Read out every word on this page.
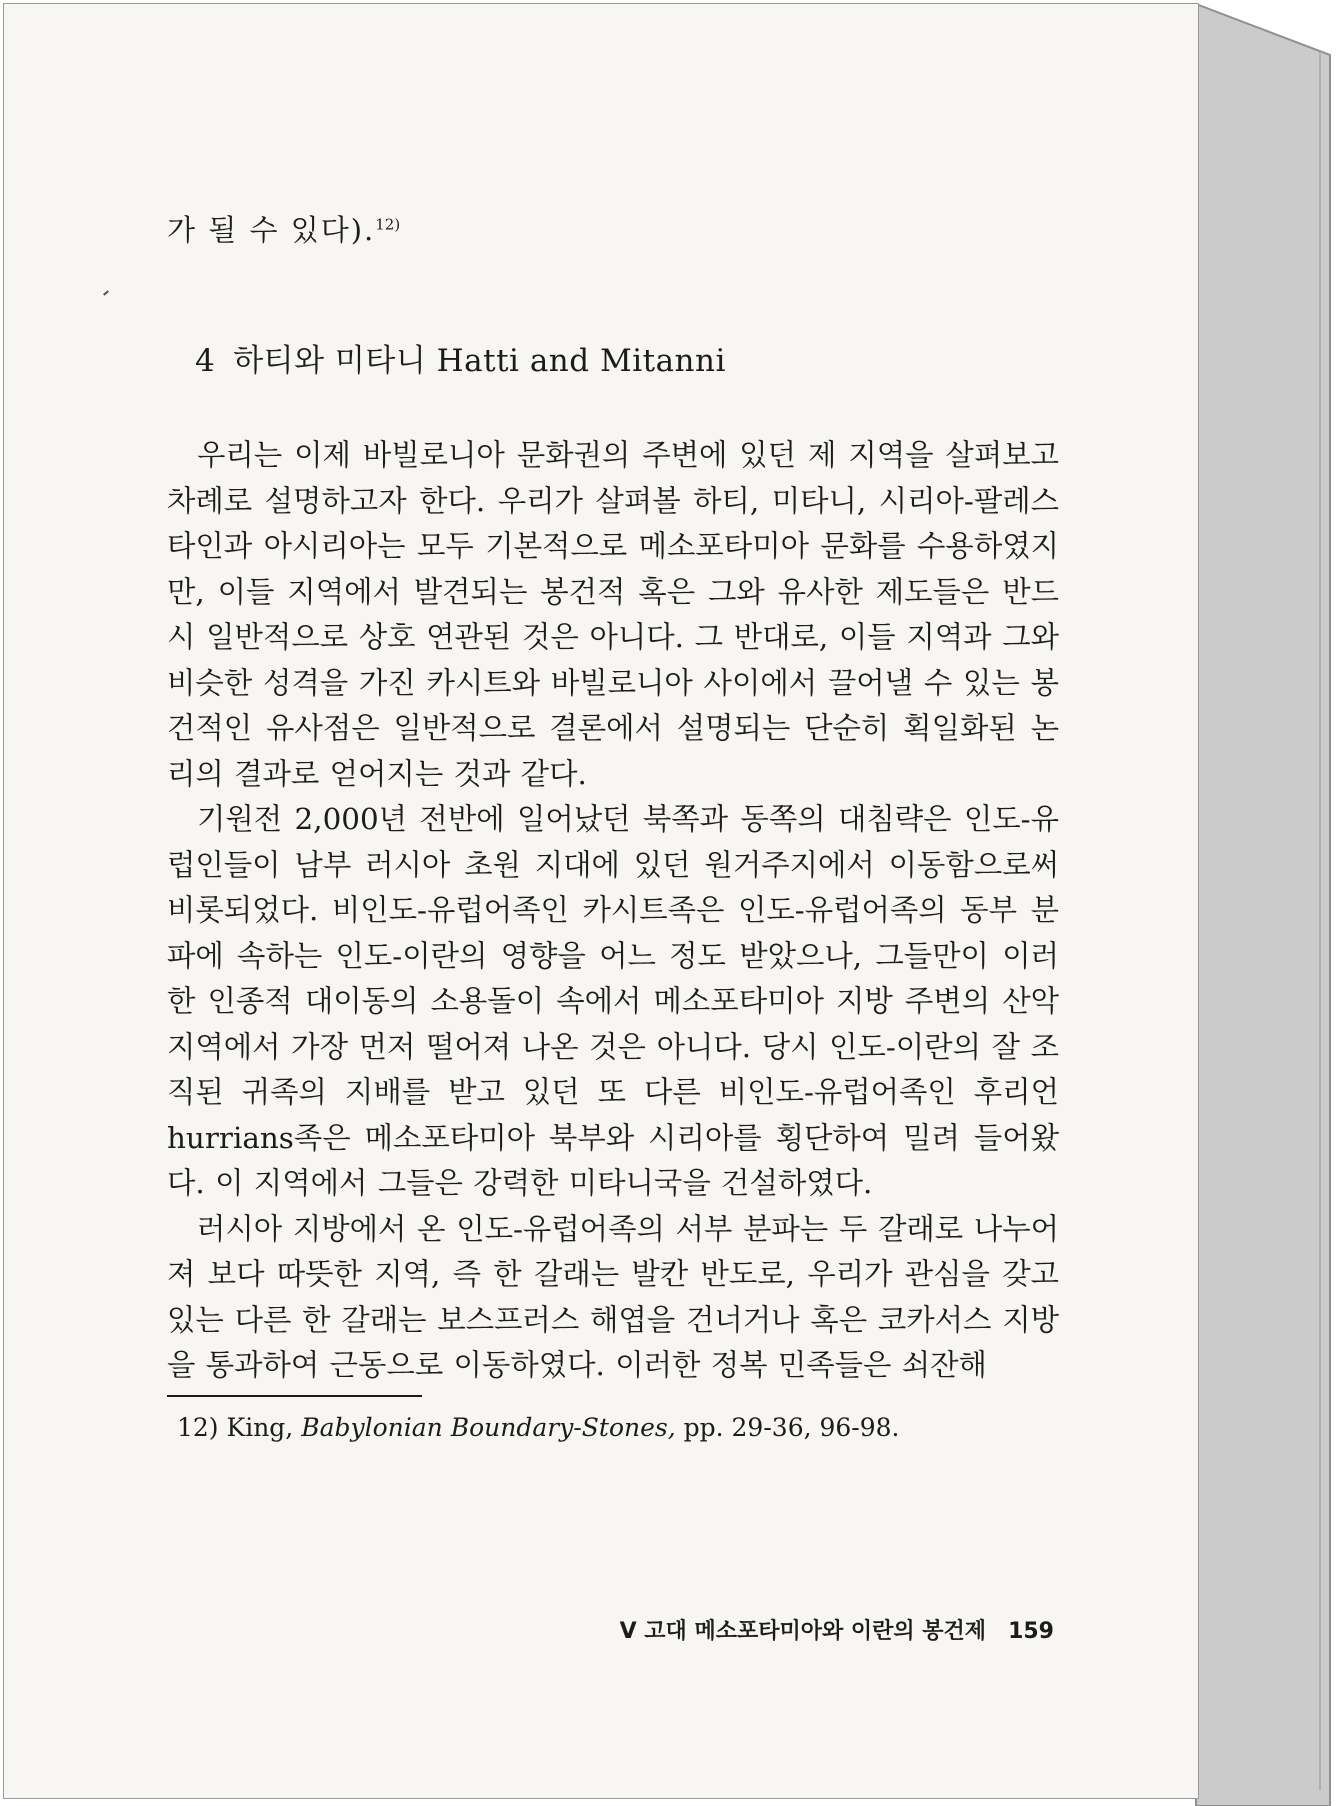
가 될 수 있다).$^{12)}$

4 하티와 미타니 Hatti and Mitanni

우리는 이제 바빌로니아 문화권의 주변에 있던 제 지역을 살펴보고 차례로 설명하고자 한다. 우리가 살펴볼 하티, 미타니, 시리아-팔레스타인과 아시리아는 모두 기본적으로 메소포타미아 문화를 수용하였지만, 이들 지역에서 발견되는 봉건적 혹은 그와 유사한 제도들은 반드시 일반적으로 상호 연관된 것은 아니다. 그 반대로, 이들 지역과 그와 비슷한 성격을 가진 카시트와 바빌로니아 사이에서 끌어낼 수 있는 봉건적인 유사점은 일반적으로 결론에서 설명되는 단순히 획일화된 논리의 결과로 얻어지는 것과 같다.

기원전 2,000년 전반에 일어났던 북쪽과 동쪽의 대침략은 인도-유럽인들이 남부 러시아 초원 지대에 있던 원거주지에서 이동함으로써 비롯되었다. 비인도-유럽어족인 카시트족은 인도-유럽어족의 동부 분파에 속하는 인도-이란의 영향을 어느 정도 받았으나, 그들만이 이러한 인종적 대이동의 소용돌이 속에서 메소포타미아 지방 주변의 산악 지역에서 가장 먼저 떨어져 나온 것은 아니다. 당시 인도-이란의 잘 조직된 귀족의 지배를 받고 있던 또 다른 비인도-유럽어족인 후리언 hurrians족은 메소포타미아 북부와 시리아를 횡단하여 밀려 들어왔다. 이 지역에서 그들은 강력한 미타니국을 건설하였다.

러시아 지방에서 온 인도-유럽어족의 서부 분파는 두 갈래로 나누어져 보다 따뜻한 지역, 즉 한 갈래는 발칸 반도로, 우리가 관심을 갖고 있는 다른 한 갈래는 보스프러스 해엽을 건너거나 혹은 코카서스 지방을 통과하여 근동으로 이동하였다. 이러한 정복 민족들은 쇠잔해

12) King, Babylonian Boundary-Stones, pp. 29-36, 96-98.
V 고대 메소포타미아와 이란의 봉건제 159
